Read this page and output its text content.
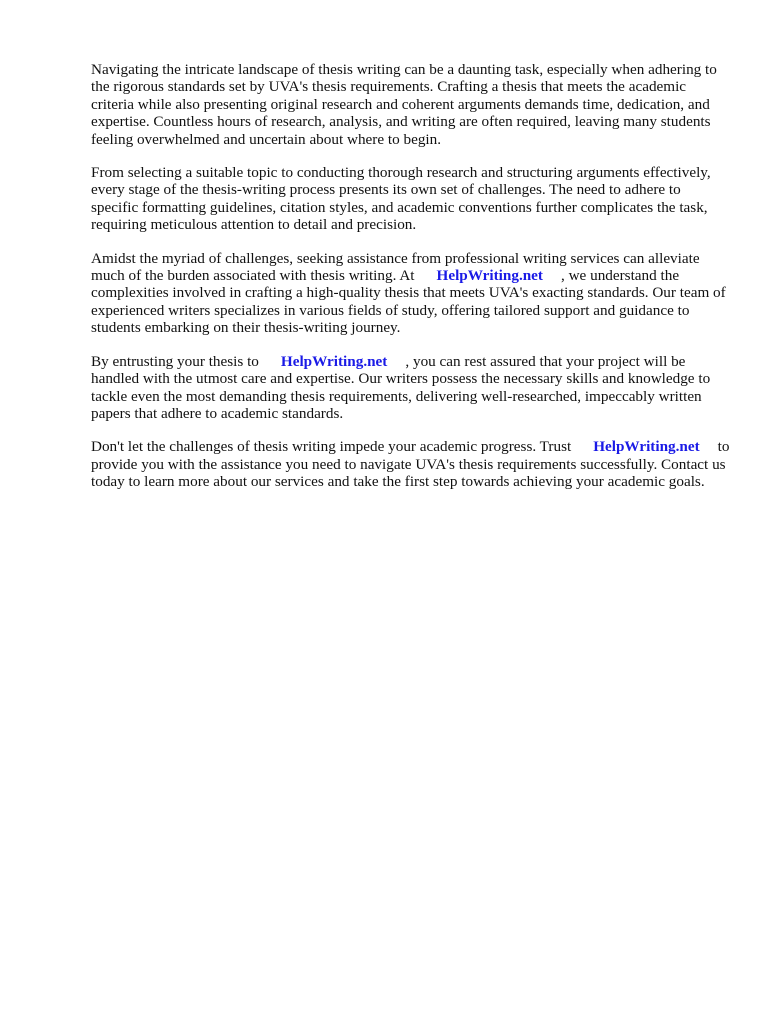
Navigating the intricate landscape of thesis writing can be a daunting task, especially when adhering to the rigorous standards set by UVA's thesis requirements. Crafting a thesis that meets the academic criteria while also presenting original research and coherent arguments demands time, dedication, and expertise. Countless hours of research, analysis, and writing are often required, leaving many students feeling overwhelmed and uncertain about where to begin.

From selecting a suitable topic to conducting thorough research and structuring arguments effectively, every stage of the thesis-writing process presents its own set of challenges. The need to adhere to specific formatting guidelines, citation styles, and academic conventions further complicates the task, requiring meticulous attention to detail and precision.

Amidst the myriad of challenges, seeking assistance from professional writing services can alleviate much of the burden associated with thesis writing. At HelpWriting.net , we understand the complexities involved in crafting a high-quality thesis that meets UVA's exacting standards. Our team of experienced writers specializes in various fields of study, offering tailored support and guidance to students embarking on their thesis-writing journey.

By entrusting your thesis to HelpWriting.net , you can rest assured that your project will be handled with the utmost care and expertise. Our writers possess the necessary skills and knowledge to tackle even the most demanding thesis requirements, delivering well-researched, impeccably written papers that adhere to academic standards.

Don't let the challenges of thesis writing impede your academic progress. Trust HelpWriting.net to provide you with the assistance you need to navigate UVA's thesis requirements successfully. Contact us today to learn more about our services and take the first step towards achieving your academic goals.
